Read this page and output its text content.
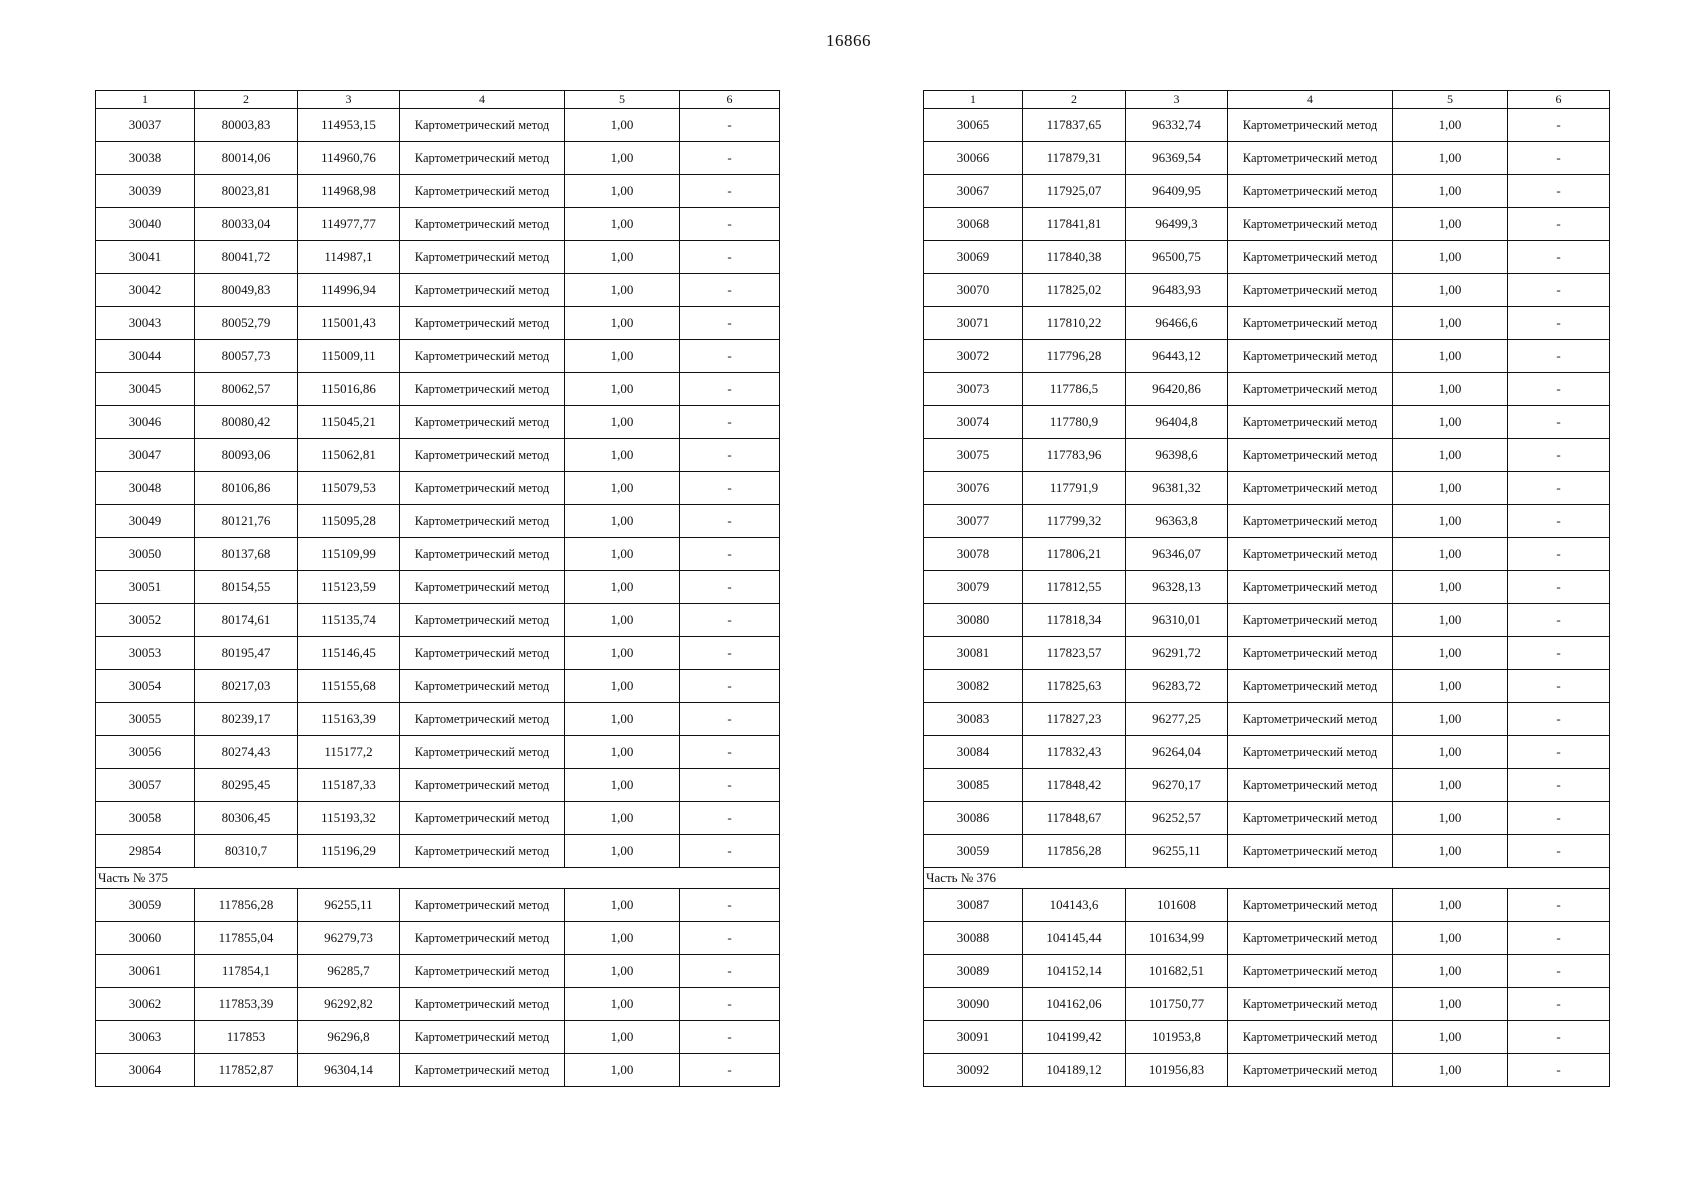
16866
1	2	3	4	5	6
30037	80003,83	114953,15	Картометрический метод	1,00	-
30038	80014,06	114960,76	Картометрический метод	1,00	-
30039	80023,81	114968,98	Картометрический метод	1,00	-
30040	80033,04	114977,77	Картометрический метод	1,00	-
30041	80041,72	114987,1	Картометрический метод	1,00	-
30042	80049,83	114996,94	Картометрический метод	1,00	-
30043	80052,79	115001,43	Картометрический метод	1,00	-
30044	80057,73	115009,11	Картометрический метод	1,00	-
30045	80062,57	115016,86	Картометрический метод	1,00	-
30046	80080,42	115045,21	Картометрический метод	1,00	-
30047	80093,06	115062,81	Картометрический метод	1,00	-
30048	80106,86	115079,53	Картометрический метод	1,00	-
30049	80121,76	115095,28	Картометрический метод	1,00	-
30050	80137,68	115109,99	Картометрический метод	1,00	-
30051	80154,55	115123,59	Картометрический метод	1,00	-
30052	80174,61	115135,74	Картометрический метод	1,00	-
30053	80195,47	115146,45	Картометрический метод	1,00	-
30054	80217,03	115155,68	Картометрический метод	1,00	-
30055	80239,17	115163,39	Картометрический метод	1,00	-
30056	80274,43	115177,2	Картометрический метод	1,00	-
30057	80295,45	115187,33	Картометрический метод	1,00	-
30058	80306,45	115193,32	Картометрический метод	1,00	-
29854	80310,7	115196,29	Картометрический метод	1,00	-
Часть № 375					
30059	117856,28	96255,11	Картометрический метод	1,00	-
30060	117855,04	96279,73	Картометрический метод	1,00	-
30061	117854,1	96285,7	Картометрический метод	1,00	-
30062	117853,39	96292,82	Картометрический метод	1,00	-
30063	117853	96296,8	Картометрический метод	1,00	-
30064	117852,87	96304,14	Картометрический метод	1,00	-
1	2	3	4	5	6
30065	117837,65	96332,74	Картометрический метод	1,00	-
30066	117879,31	96369,54	Картометрический метод	1,00	-
30067	117925,07	96409,95	Картометрический метод	1,00	-
30068	117841,81	96499,3	Картометрический метод	1,00	-
30069	117840,38	96500,75	Картометрический метод	1,00	-
30070	117825,02	96483,93	Картометрический метод	1,00	-
30071	117810,22	96466,6	Картометрический метод	1,00	-
30072	117796,28	96443,12	Картометрический метод	1,00	-
30073	117786,5	96420,86	Картометрический метод	1,00	-
30074	117780,9	96404,8	Картометрический метод	1,00	-
30075	117783,96	96398,6	Картометрический метод	1,00	-
30076	117791,9	96381,32	Картометрический метод	1,00	-
30077	117799,32	96363,8	Картометрический метод	1,00	-
30078	117806,21	96346,07	Картометрический метод	1,00	-
30079	117812,55	96328,13	Картометрический метод	1,00	-
30080	117818,34	96310,01	Картометрический метод	1,00	-
30081	117823,57	96291,72	Картометрический метод	1,00	-
30082	117825,63	96283,72	Картометрический метод	1,00	-
30083	117827,23	96277,25	Картометрический метод	1,00	-
30084	117832,43	96264,04	Картометрический метод	1,00	-
30085	117848,42	96270,17	Картометрический метод	1,00	-
30086	117848,67	96252,57	Картометрический метод	1,00	-
30059	117856,28	96255,11	Картометрический метод	1,00	-
Часть № 376					
30087	104143,6	101608	Картометрический метод	1,00	-
30088	104145,44	101634,99	Картометрический метод	1,00	-
30089	104152,14	101682,51	Картометрический метод	1,00	-
30090	104162,06	101750,77	Картометрический метод	1,00	-
30091	104199,42	101953,8	Картометрический метод	1,00	-
30092	104189,12	101956,83	Картометрический метод	1,00	-
